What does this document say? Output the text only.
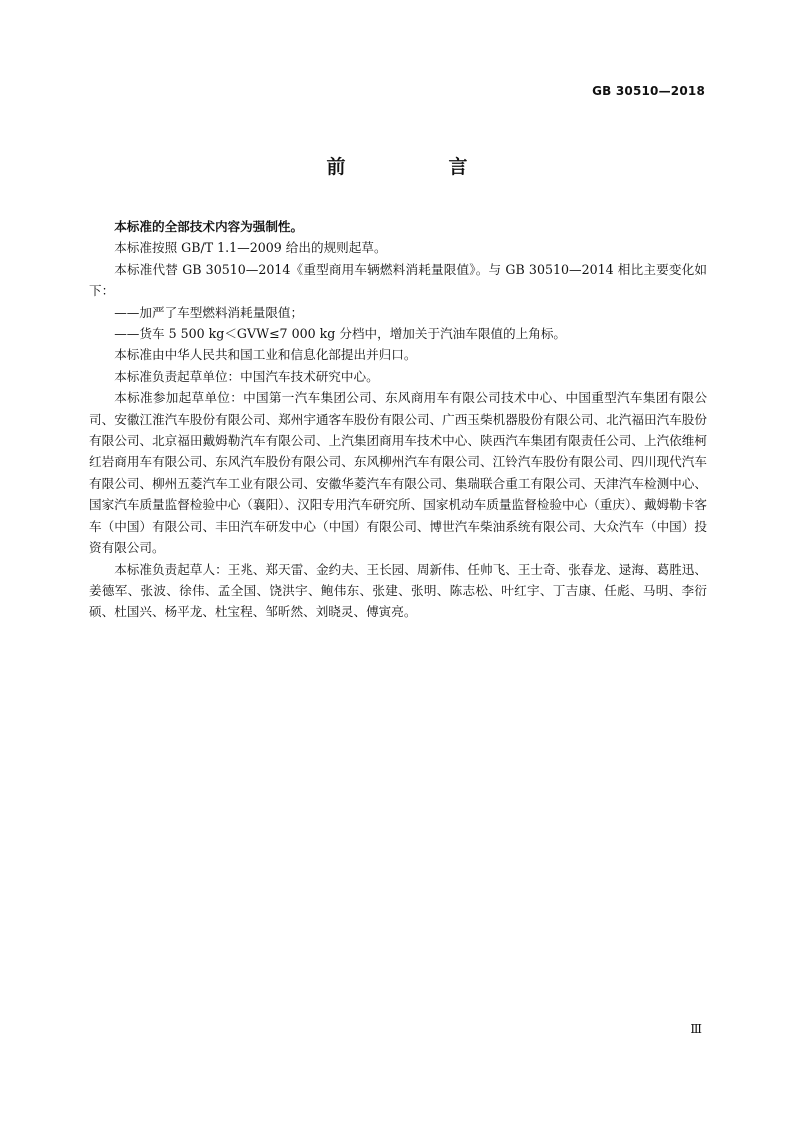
GB 30510—2018
前　言

本标准的全部技术内容为强制性。

本标准按照 GB/T 1.1—2009 给出的规则起草。

本标准代替 GB 30510—2014《重型商用车辆燃料消耗量限值》。与 GB 30510—2014 相比主要变化如下：

——加严了车型燃料消耗量限值；

——货车 5 500 kg＜GVW≤7 000 kg 分档中，增加关于汽油车限值的上角标。

本标准由中华人民共和国工业和信息化部提出并归口。

本标准负责起草单位：中国汽车技术研究中心。

本标准参加起草单位：中国第一汽车集团公司、东风商用车有限公司技术中心、中国重型汽车集团有限公司、安徽江淮汽车股份有限公司、郑州宇通客车股份有限公司、广西玉柴机器股份有限公司、北汽福田汽车股份有限公司、北京福田戴姆勒汽车有限公司、上汽集团商用车技术中心、陕西汽车集团有限责任公司、上汽依维柯红岩商用车有限公司、东风汽车股份有限公司、东风柳州汽车有限公司、江铃汽车股份有限公司、四川现代汽车有限公司、柳州五菱汽车工业有限公司、安徽华菱汽车有限公司、集瑞联合重工有限公司、天津汽车检测中心、国家汽车质量监督检验中心（襄阳）、汉阳专用汽车研究所、国家机动车质量监督检验中心（重庆）、戴姆勒卡客车（中国）有限公司、丰田汽车研发中心（中国）有限公司、博世汽车柴油系统有限公司、大众汽车（中国）投资有限公司。

本标准负责起草人：王兆、郑天雷、金约夫、王长园、周新伟、任帅飞、王士奇、张春龙、逯海、葛胜迅、姜德军、张波、徐伟、孟全国、饶洪宇、鲍伟东、张建、张明、陈志松、叶红宇、丁吉康、任彪、马明、李衍硕、杜国兴、杨平龙、杜宝程、邹昕然、刘晓灵、傅寅亮。

Ⅲ
